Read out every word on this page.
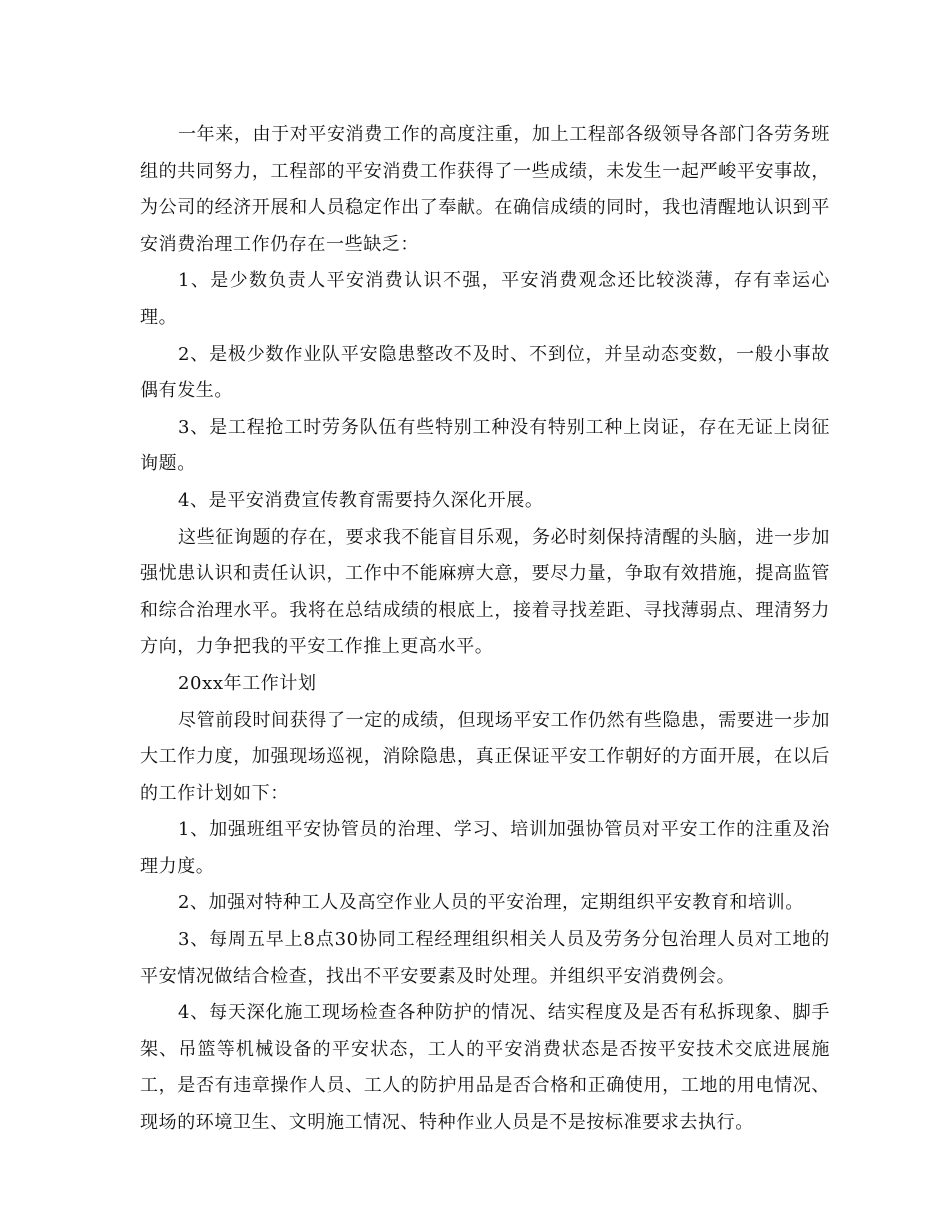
一年来，由于对平安消费工作的高度注重，加上工程部各级领导各部门各劳务班组的共同努力，工程部的平安消费工作获得了一些成绩，未发生一起严峻平安事故，为公司的经济开展和人员稳定作出了奉献。在确信成绩的同时，我也清醒地认识到平安消费治理工作仍存在一些缺乏：

1、是少数负责人平安消费认识不强，平安消费观念还比较淡薄，存有幸运心理。

2、是极少数作业队平安隐患整改不及时、不到位，并呈动态变数，一般小事故偶有发生。

3、是工程抢工时劳务队伍有些特别工种没有特别工种上岗证，存在无证上岗征询题。

4、是平安消费宣传教育需要持久深化开展。

这些征询题的存在，要求我不能盲目乐观，务必时刻保持清醒的头脑，进一步加强忧患认识和责任认识，工作中不能麻痹大意，要尽力量，争取有效措施，提高监管和综合治理水平。我将在总结成绩的根底上，接着寻找差距、寻找薄弱点、理清努力方向，力争把我的平安工作推上更高水平。

20xx年工作计划

尽管前段时间获得了一定的成绩，但现场平安工作仍然有些隐患，需要进一步加大工作力度，加强现场巡视，消除隐患，真正保证平安工作朝好的方面开展，在以后的工作计划如下：

1、加强班组平安协管员的治理、学习、培训加强协管员对平安工作的注重及治理力度。

2、加强对特种工人及高空作业人员的平安治理，定期组织平安教育和培训。

3、每周五早上8点30协同工程经理组织相关人员及劳务分包治理人员对工地的平安情况做结合检查，找出不平安要素及时处理。并组织平安消费例会。

4、每天深化施工现场检查各种防护的情况、结实程度及是否有私拆现象、脚手架、吊篮等机械设备的平安状态，工人的平安消费状态是否按平安技术交底进展施工，是否有违章操作人员、工人的防护用品是否合格和正确使用，工地的用电情况、现场的环境卫生、文明施工情况、特种作业人员是不是按标准要求去执行。
